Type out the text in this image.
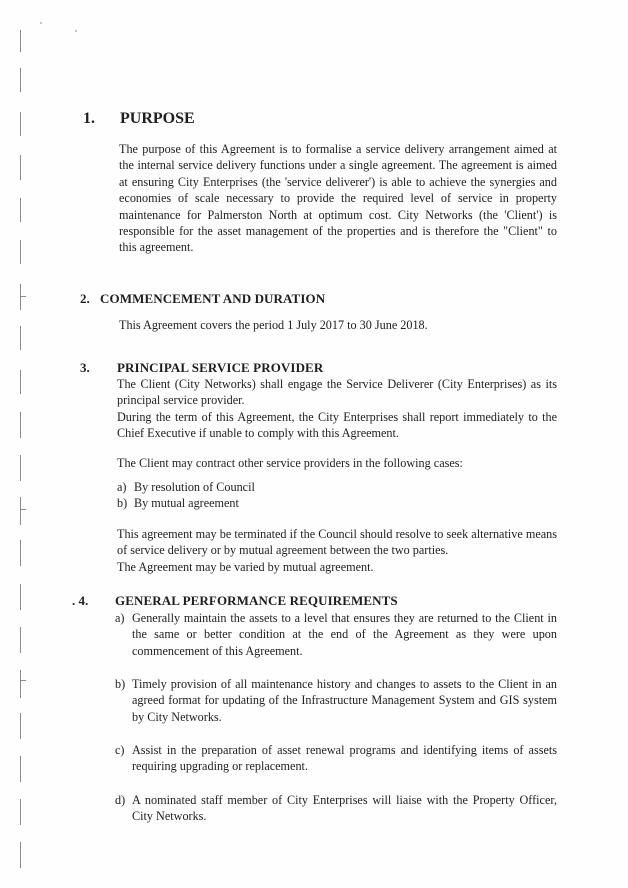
1. PURPOSE

The purpose of this Agreement is to formalise a service delivery arrangement aimed at the internal service delivery functions under a single agreement. The agreement is aimed at ensuring City Enterprises (the 'service deliverer') is able to achieve the synergies and economies of scale necessary to provide the required level of service in property maintenance for Palmerston North at optimum cost. City Networks (the 'Client') is responsible for the asset management of the properties and is therefore the "Client" to this agreement.

2. COMMENCEMENT AND DURATION

This Agreement covers the period 1 July 2017 to 30 June 2018.

3. PRINCIPAL SERVICE PROVIDER

The Client (City Networks) shall engage the Service Deliverer (City Enterprises) as its principal service provider.

During the term of this Agreement, the City Enterprises shall report immediately to the Chief Executive if unable to comply with this Agreement.

The Client may contract other service providers in the following cases:

a) By resolution of Council
b) By mutual agreement

This agreement may be terminated if the Council should resolve to seek alternative means of service delivery or by mutual agreement between the two parties.

The Agreement may be varied by mutual agreement.

. 4. GENERAL PERFORMANCE REQUIREMENTS
a) Generally maintain the assets to a level that ensures they are returned to the Client in the same or better condition at the end of the Agreement as they were upon commencement of this Agreement.

b) Timely provision of all maintenance history and changes to assets to the Client in an agreed format for updating of the Infrastructure Management System and GIS system by City Networks.

c) Assist in the preparation of asset renewal programs and identifying items of assets requiring upgrading or replacement.

d) A nominated staff member of City Enterprises will liaise with the Property Officer, City Networks.
